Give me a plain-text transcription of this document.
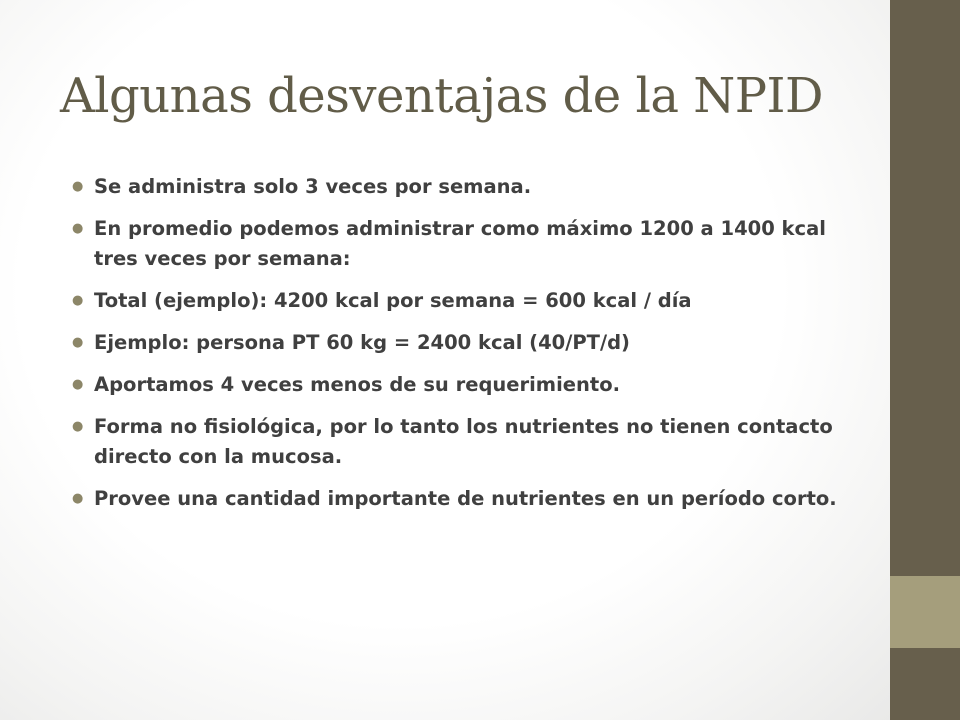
Algunas desventajas de la NPID
● Se administra solo 3 veces por semana.
● En promedio podemos administrar como máximo 1200 a 1400 kcal tres veces por semana:
● Total (ejemplo): 4200 kcal por semana = 600 kcal / día
● Ejemplo: persona PT 60 kg = 2400 kcal (40/PT/d)
● Aportamos 4 veces menos de su requerimiento.
● Forma no fisiológica, por lo tanto los nutrientes no tienen contacto directo con la mucosa.
● Provee una cantidad importante de nutrientes en un período corto.
